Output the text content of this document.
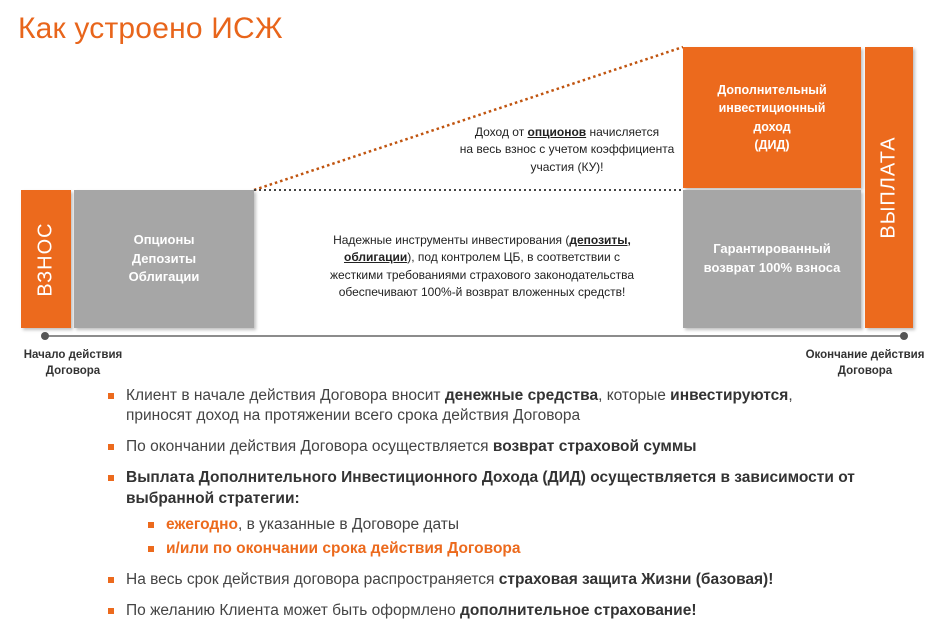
Как устроено ИСЖ
ВЗНОС	Опционы
Депозиты
Облигации
Доход от опционов начисляется
на весь взнос с учетом коэффициента
участия (КУ)!
Надежные инструменты инвестирования (депозиты,
облигации), под контролем ЦБ, в соответствии с
жесткими требованиями страхового законодательства
обеспечивают 100%-й возврат вложенных средств!
Дополнительный
инвестиционный
доход
(ДИД)
Гарантированный
возврат 100% взноса
ВЫПЛАТА
Начало действия
Договора
Окончание действия
Договора
Клиент в начале действия Договора вносит денежные средства, которые инвестируются,
приносят доход на протяжении всего срока действия Договора
По окончании действия Договора осуществляется возврат страховой суммы
Выплата Дополнительного Инвестиционного Дохода (ДИД) осуществляется в зависимости от
выбранной стратегии:
ежегодно, в указанные в Договоре даты
и/или по окончании срока действия Договора
На весь срок действия договора распространяется страховая защита Жизни (базовая)!
По желанию Клиента может быть оформлено дополнительное страхование!
